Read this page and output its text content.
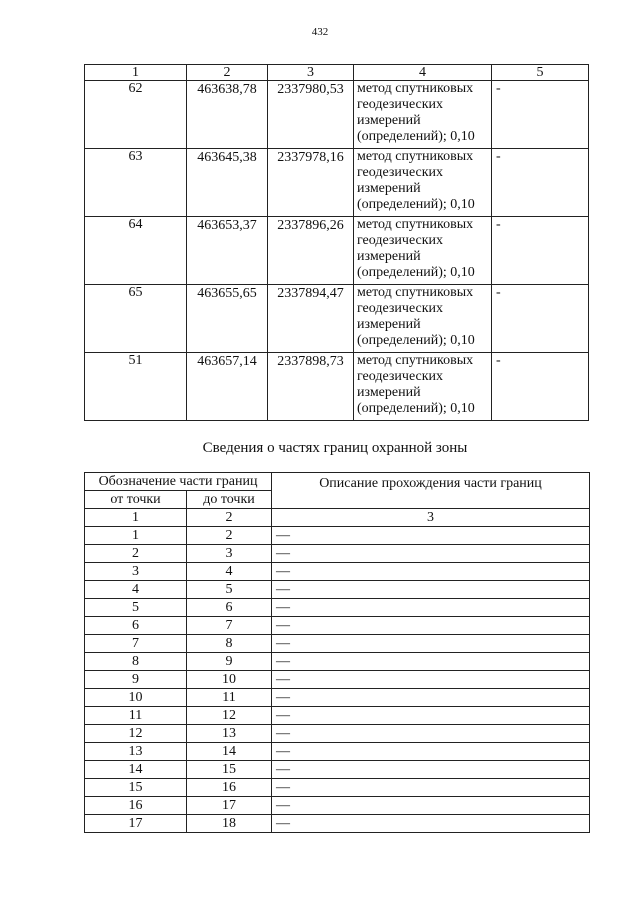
432
1	2	3	4	5
62	463638,78	2337980,53	метод спутниковых
геодезических
измерений
(определений); 0,10	-
63	463645,38	2337978,16	метод спутниковых
геодезических
измерений
(определений); 0,10	-
64	463653,37	2337896,26	метод спутниковых
геодезических
измерений
(определений); 0,10	-
65	463655,65	2337894,47	метод спутниковых
геодезических
измерений
(определений); 0,10	-
51	463657,14	2337898,73	метод спутниковых
геодезических
измерений
(определений); 0,10	-
Сведения о частях границ охранной зоны
Обозначение части границ		Описание прохождения части границ
от точки	до точки	
1	2	3
1	2	—
2	3	—
3	4	—
4	5	—
5	6	—
6	7	—
7	8	—
8	9	—
9	10	—
10	11	—
11	12	—
12	13	—
13	14	—
14	15	—
15	16	—
16	17	—
17	18	—
